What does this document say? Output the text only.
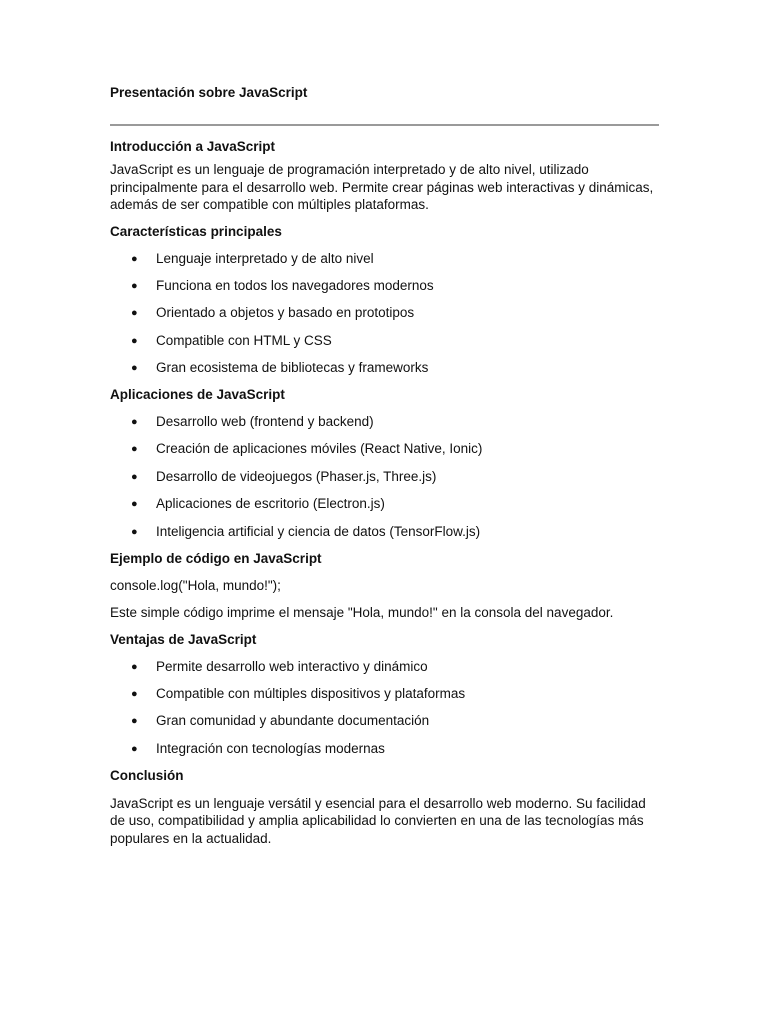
Presentación sobre JavaScript
Introducción a JavaScript

JavaScript es un lenguaje de programación interpretado y de alto nivel, utilizado principalmente para el desarrollo web. Permite crear páginas web interactivas y dinámicas, además de ser compatible con múltiples plataformas.

Características principales
● Lenguaje interpretado y de alto nivel
● Funciona en todos los navegadores modernos
● Orientado a objetos y basado en prototipos
● Compatible con HTML y CSS
● Gran ecosistema de bibliotecas y frameworks
Aplicaciones de JavaScript
● Desarrollo web (frontend y backend)
● Creación de aplicaciones móviles (React Native, Ionic)
● Desarrollo de videojuegos (Phaser.js, Three.js)
● Aplicaciones de escritorio (Electron.js)
● Inteligencia artificial y ciencia de datos (TensorFlow.js)
Ejemplo de código en JavaScript

console.log("Hola, mundo!");

Este simple código imprime el mensaje "Hola, mundo!" en la consola del navegador.

Ventajas de JavaScript
● Permite desarrollo web interactivo y dinámico
● Compatible con múltiples dispositivos y plataformas
● Gran comunidad y abundante documentación
● Integración con tecnologías modernas
Conclusión

JavaScript es un lenguaje versátil y esencial para el desarrollo web moderno. Su facilidad de uso, compatibilidad y amplia aplicabilidad lo convierten en una de las tecnologías más populares en la actualidad.
